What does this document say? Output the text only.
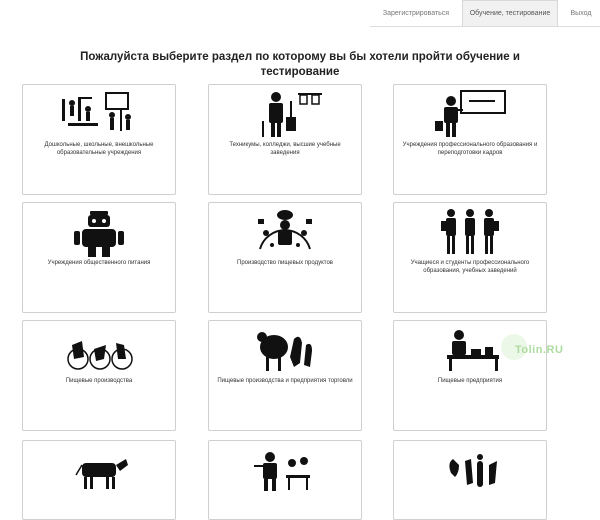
Зарегистрироваться	Обучение, тестирование	Выход
Пожалуйста выберите раздел по которому вы бы хотели пройти обучение и тестирование
Дошкольные, школьные, внешкольные образовательные учреждения
Техникумы, колледжи, высшие учебные заведения
Учреждения профессионального образования и переподготовки кадров
Учреждения общественного питания	Производство пищевых продуктов	Учащиеся и студенты профессионального образования, учебных заведений
Пищевые производства	Пищевые производства и предприятия торговли	Пищевые предприятия
Tolin.RU
